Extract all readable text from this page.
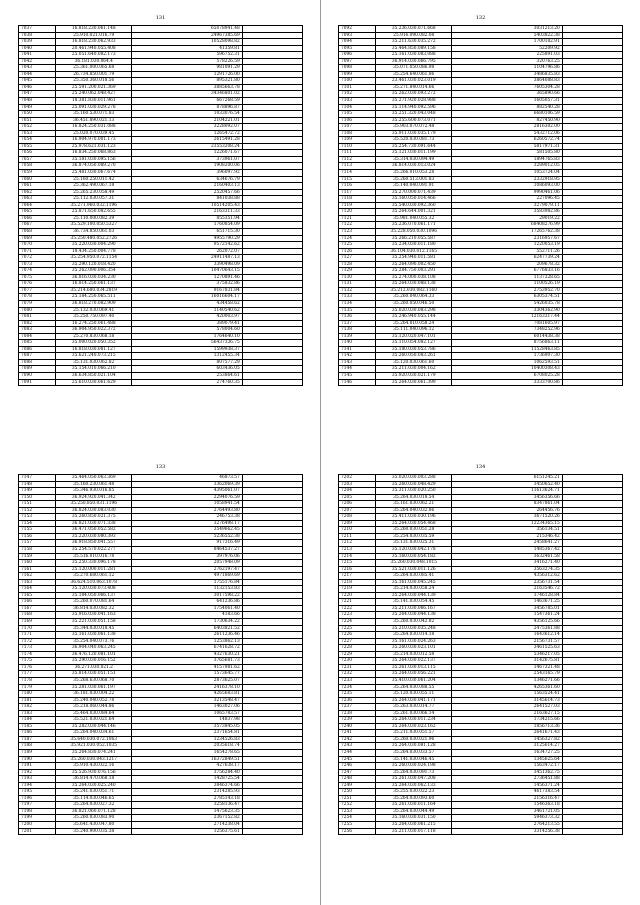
131
7037	16.818.230.061.148	65078941.48	
7038	25.910.021.016.79	24967385.69	
7039	16.818.230.062.933	10528098.82	
7040	20.461.940.055.408	41359.81	
7041	25.051.640.082.173	596752.31	
7042	36.181.030.064.4	578226.59	
7043	25.361.000.065.68	981091.29	
7044	26.734.850.001.79	1291726.00	
7045	25.350.360.018.56	895321.80	
7046	25.591.200.021.369	3885663.78	
7047	25.240.062.048.427	34346801.02	
7048	18.381.830.011.961	667268.59	
7049	25.091.030.029.278	878896.87	
7050	35.160.530.071.83	1033076.54	
7051	36.451.890.021.13	2104221.01	
7052	16.824.250.031.088	3228092.07	
7053	25.020.070.039.45	1265472.72	
7054	16.904.970.001.173	2615491.28	
7055	25.978.621.031.123	23553208.24	
7056	16.834.250.068.863	1226071.67	
7057	35.181.030.095.156	373961.07	
7058	36.874.050.089.270	1908200.06	
7059	25.481.030.067.674	396097.92	
7060	25.160.250.011.42	634676.79	
7061	25.362.490.067.18	2160403.13	
7062	25.265.230.058.49	2520457.66	
7063	25.112.030.057.31	841038.88	
7064	35.271.960.032.1196	10514205.43	
7065	25.871.650.082.655	2163311.33	
7066	25.110.000.082.39	855351.94	
7067	35.529.100.050.5327	1760854.09	
7068	36.734.850.061.03	651715.30	
7069	35.250.480.052.2726	4955790.29	
7070	35.220.030.004.290	9572142.62	
7071	18.434.250.004.778	262072.07	
7072	35.254.950.072.1154	24911487.13	
7073	35.290.120.018.420	3390498.09	
7074	35.262.090.006.354	10470643.15	
7075	36.816.030.034.230	1270891.46	
7076	16.814.250.061.137	375832.86	
7077	35.214.680.034.2819	9167831.84	
7078	25.184.250.065.511	16016604.17	
7079	36.818.270.082.909	434458.62	
7080	25.132.030.069.41	1140540.62	
7081	35.250.750.097.40	420003.97	
7082	16.274.250.061.488	389079.41	
7083	36.904.950.022.372	578004.60	
7084	25.270.830.068.18	1764640.10	
7085	35.000.020.050.352	56437336.75	
7086	16.818.030.081.127	1599938.37	
7087	35.621.240.073.215	1312455.34	
7088	35.131.030.062.82	807577.29	
7089	35.154.010.066.210	603436.05	
7090	36.634.850.021.104	253864.61	
7091	25.610.030.061.629	274760.35	
132
7092	35.236.030.071.668	3031213.20	
7093	25.916.090.082.08	5403822.38	
7094	35.211.630.035.272	1700182.91	
7095	35.464.850.089.158	52209.92	
7096	25.161.030.083.088	225891.03	
7097	36.914.030.066.795	320763.25	
7098	35.071.050.086.98	1104796.86	
7099	35.254.640.061.86	3486835.83	
7100	23.461.030.023.019	3864088.83	
7101	35.271.840.014.66	7605304.28	
7102	35.262.030.093.272	365890.66	
7103	35.271.920.028.988	1605057.31	
7104	35.114.940.092.596	882540.28	
7105	35.251.320.043.048	6680106.59	
7106	35.255.600.073.071	827450.90	
7107	35.903.070.072.48	2816302.00	
7108	35.911.030.035.179	5432712.06	
7109	35.520.030.081.73	6260572.74	
7110	35.254.730.091.644	5817971.31	
7111	35.121.030.011.199	581505.80	
7112	35.314.030.094.49	1894765.83	
7113	36.814.030.013.024	3289012.05	
7114	35.266.010.053.28	1053724.04	
7115	35.260.513.001.83	2332918.95	
7116	35.140.040.091.91	1086093.00	
7117	35.270.000.071.439	9990461.06	
7118	35.160.050.014.466	227096.45	
7119	35.540.030.092.360	3279079.11	
7120	35.264.644.001.321	3583982.86	
7121	35.981.040.055.32	29019.22	
7122	35.236.070.061.171	68408276.99	
7123	35.228.050.030.1096	17265762.38	
7124	35.266.210.055.587	2316957.67	
7125	35.234.030.011.180	1220053.19	
7126	36.104.030.012.1165	552711.26	
7127	35.254.940.011.581	6247739.24	
7128	35.264.090.002.450	209678.32	
7129	35.284.750.003.291	6776833.16	
7130	35.274.000.038.108	1137228.65	
7131	35.264.030.088.138	1100526.19	
7132	35.212.030.082.1160	2753952.70	
7133	35.260.040.064.33	6305374.51	
7134	35.260.050.046.50	5426035.78	
7135	35.020.030.083.298	3304362.90	
7136	35.246.940.055.144	12163317.44	
7137	35.264.010.058.24	7081605.97	
7138	35.111.040.096.12	7348252.96	
7139	35.120.020.047.101	6014438.38	
7140	35.110.054.082.127	8756863.11	
7141	35.180.030.053.786	11528463.85	
7142	35.260.050.083.261	1736907.30	
7143	35.120.030.061.60	1062593.51	
7144	35.211.030.004.162	10400308.43	
7145	35.920.030.021.179	6708025.28	
7146	35.264.030.061.399	3333700.86	
133
7147	35.464.050.063.369	46873.57	
7148	35.160.230.061.48	3362069.39	
7149	35.346.930.016.85	4395061.07	
7150	36.924.920.041.342	2294076.59	
7151	35.250.850.031.1196	1058941.54	
7152	36.824.030.083.030	2764493.80	
7153	35.260.850.021.375	246753.38	
7154	36.821.030.071.338	3276498.17	
7155	36.471.050.052.582	3549662.45	
7156	35.220.030.080.393	5236552.38	
7157	36.918.850.041.557	917316.49	
7158	35.254.570.022.277	8464537.27	
7159	35.516.010.016.78	397976.06	
7160	35.250.330.096.178	2057948.09	
7161	25.120.000.011.281	2762197.47	
7162	35.270.680.061.12	4971869.69	
7163	36.624.510.063.1078	1755176.84	
7164	35.120.030.073.408	1132153.83	
7165	35.184.050.066.137	3017598.22	
7166	35.260.070.081.64	641236.86	
7167	36.814.030.082.32	1754061.40	
7168	35.916.030.041.163	4183.66	
7169	35.221.030.051.158	1730634.22	
7170	35.344.030.018.45	6403821.52	
7171	35.161.030.061.138	2611236.46	
7172	35.254.040.073.76	1253862.13	
7173	36.904.040.063.245	6741628.72	
7174	36.476.120.081.101	4327630.21	
7175	35.290.030.016.152	3765681.73	
7176	36.271.030.021.2	4157981.62	
7177	35.814.030.051.151	1573645.77	
7178	35.268.630.068.70	2873625.07	
7179	35.281.030.061.197	2416378.10	
7180	36.181.030.004.22	4265683.81	
7181	35.240.040.052.78	3213548.47	
7182	35.218.060.044.86	1463027.06	
7183	35.464.030.084.64	1065783.57	
7184	35.521.030.021.64	14837.98	
7185	35.282.030.044.146	3573845.05	
7186	35.264.040.034.61	2371654.81	
7187	35.640.030.072.1063	1234526.83	
7188	35.921.030.052.1035	2035618.74	
7189	35.264.830.074.241	1654278.65	
7190	35.260.030.043.1217	16372849.51	
7191	35.910.430.022.16	427638.17	
7192	35.526.930.076.156	3756284.40	
7193	36.814.470.068.18	1428725.54	
7194	35.264.030.025.240	3846374.66	
7195	35.241.030.051.71	2314285.93	
7196	35.114.030.046.65	2785143.18	
7197	35.264.030.027.32	3258136.47	
7198	36.821.060.071.128	1475623.35	
7199	35.260.030.083.90	2367152.82	
7200	35.641.430.047.80	2714238.04	
7201	35.240.900.035.38	1256375.61	
134
7202	35.020.030.003.288	6151245.21	
7203	35.260.030.048.429	3450652.40	
7204	35.311.030.020.250	11613624.71	
7205	35.264.030.018.54	3456356.66	
7206	35.161.030.062.21	8347861.04	
7207	35.264.040.032.86	264456.76	
7208	35.411.030.030.196	3671520.26	
7209	35.264.030.054.468	12234365.15	
7210	35.260.030.051.28	356134.51	
7211	35.254.030.035.59	215346.42	
7212	35.131.030.025.31	2458641.27	
7213	35.120.030.042.178	1485367.42	
7214	35.160.030.054.182	3632461.58	
7215	35.260.030.048.1015	3416271.40	
7216	35.521.030.011.126	3563274.35	
7217	35.264.030.085.41	4356312.62	
7218	35.161.030.045.245	2356731.54	
7219	35.214.030.058.24	2163546.72	
7220	35.264.030.044.139	3746128.84	
7221	35.141.030.054.45	1463671.25	
7222	35.211.030.066.167	3456785.01	
7223	35.264.030.044.138	1547361.24	
7224	35.260.030.042.82	4356125.66	
7225	35.210.030.035.248	2475361.88	
7226	35.264.030.014.18	1643612.14	
7227	35.161.030.024.263	2156731.57	
7228	35.260.030.023.101	3461525.63	
7229	35.214.030.012.58	5346217.05	
7230	35.264.030.022.137	3142675.81	
7231	35.261.030.013.115	1467321.48	
7232	35.264.030.056.221	2543165.79	
7233	35.410.030.061.204	1346271.66	
7234	35.264.030.088.55	4265361.60	
7235	35.120.030.055.11	1563524.41	
7236	35.264.030.041.171	3145614.73	
7237	35.263.030.014.77	2641527.03	
7238	35.261.030.066.14	2163627.15	
7239	35.264.030.011.234	1734215.66	
7240	35.264.030.023.162	1856713.36	
7241	35.211.030.051.57	2641671.43	
7242	35.260.030.021.96	1456327.82	
7243	35.264.030.081.128	3125614.27	
7244	35.264.030.033.57	1634727.25	
7245	35.141.030.046.45	1345625.64	
7246	35.260.030.024.198	1563472.17	
7247	35.264.030.091.73	3451362.75	
7248	35.261.030.047.208	2736451.88	
7249	35.264.030.062.133	1456371.24	
7250	35.255.030.022.23	4617383.54	
7251	35.264.030.093.60	2156316.47	
7252	35.261.030.011.164	1546363.18	
7253	35.264.030.044.49	3461721.05	
7254	35.160.030.031.150	5946373.32	
7255	35.264.030.061.215	2764213.55	
7256	35.211.030.017.118	3314256.38	
